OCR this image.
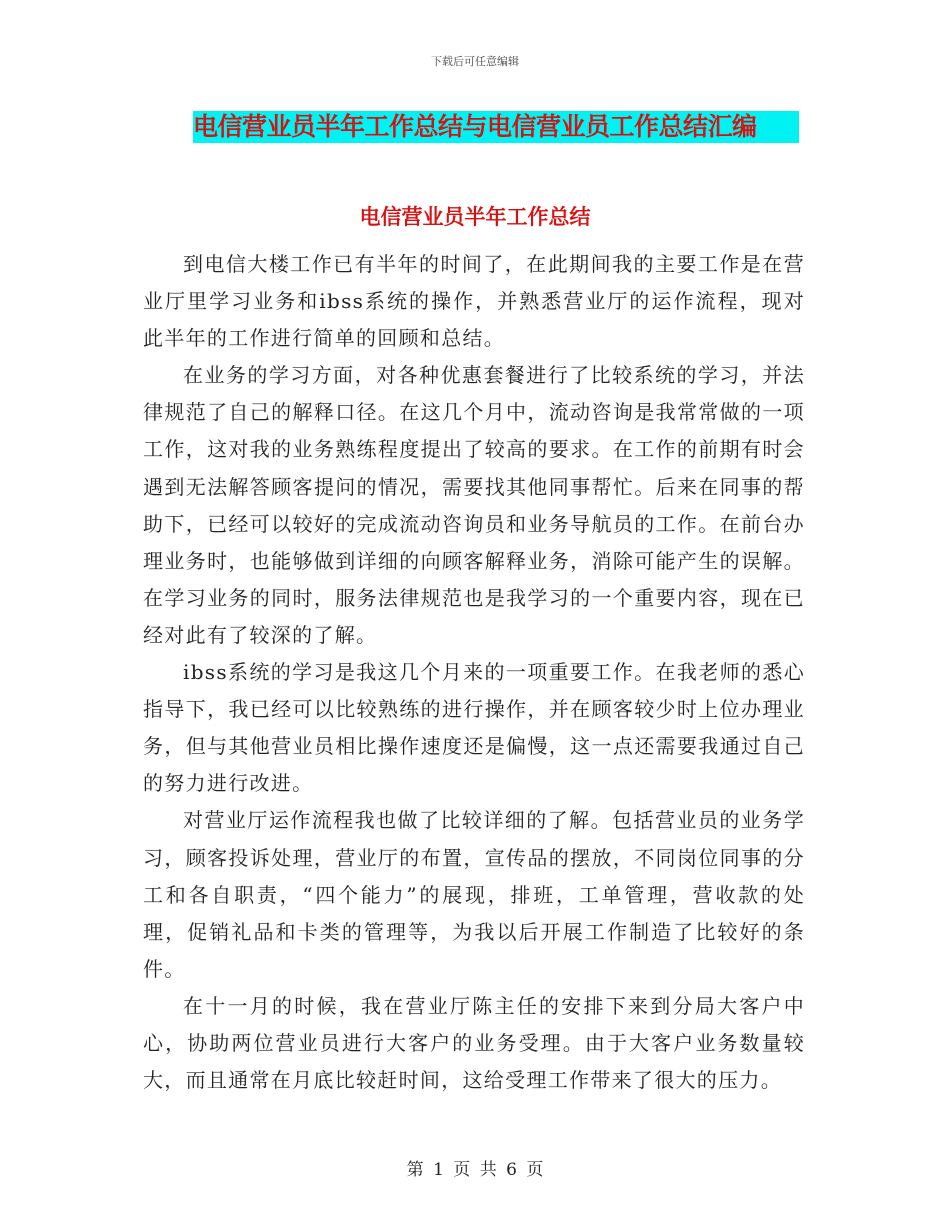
下载后可任意编辑
电信营业员半年工作总结与电信营业员工作总结汇编
电信营业员半年工作总结

到电信大楼工作已有半年的时间了，在此期间我的主要工作是在营业厅里学习业务和ibss系统的操作，并熟悉营业厅的运作流程，现对此半年的工作进行简单的回顾和总结。

在业务的学习方面，对各种优惠套餐进行了比较系统的学习，并法律规范了自己的解释口径。在这几个月中，流动咨询是我常常做的一项工作，这对我的业务熟练程度提出了较高的要求。在工作的前期有时会遇到无法解答顾客提问的情况，需要找其他同事帮忙。后来在同事的帮助下，已经可以较好的完成流动咨询员和业务导航员的工作。在前台办理业务时，也能够做到详细的向顾客解释业务，消除可能产生的误解。在学习业务的同时，服务法律规范也是我学习的一个重要内容，现在已经对此有了较深的了解。

ibss系统的学习是我这几个月来的一项重要工作。在我老师的悉心指导下，我已经可以比较熟练的进行操作，并在顾客较少时上位办理业务，但与其他营业员相比操作速度还是偏慢，这一点还需要我通过自己的努力进行改进。

对营业厅运作流程我也做了比较详细的了解。包括营业员的业务学习，顾客投诉处理，营业厅的布置，宣传品的摆放，不同岗位同事的分工和各自职责，“四个能力”的展现，排班，工单管理，营收款的处理，促销礼品和卡类的管理等，为我以后开展工作制造了比较好的条件。

在十一月的时候，我在营业厅陈主任的安排下来到分局大客户中心，协助两位营业员进行大客户的业务受理。由于大客户业务数量较大，而且通常在月底比较赶时间，这给受理工作带来了很大的压力。

第 1 页 共 6 页
